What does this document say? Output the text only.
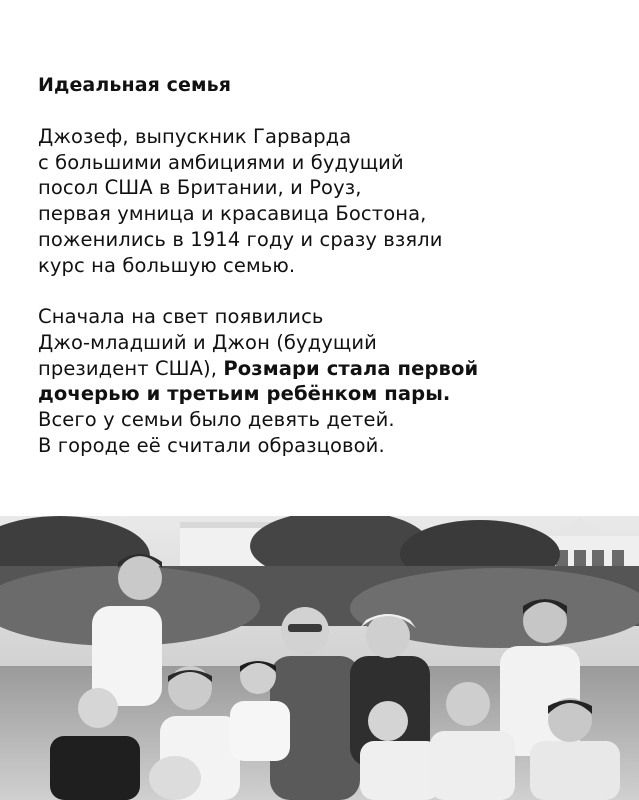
Идеальная семья
Джозеф, выпускник Гарварда
с большими амбициями и будущий
посол США в Британии, и Роуз,
первая умница и красавица Бостона,
поженились в 1914 году и сразу взяли
курс на большую семью.
Сначала на свет появились
Джо-младший и Джон (будущий
президент США), Розмари стала первой
дочерью и третьим ребёнком пары.
Всего у семьи было девять детей.
В городе её считали образцовой.
